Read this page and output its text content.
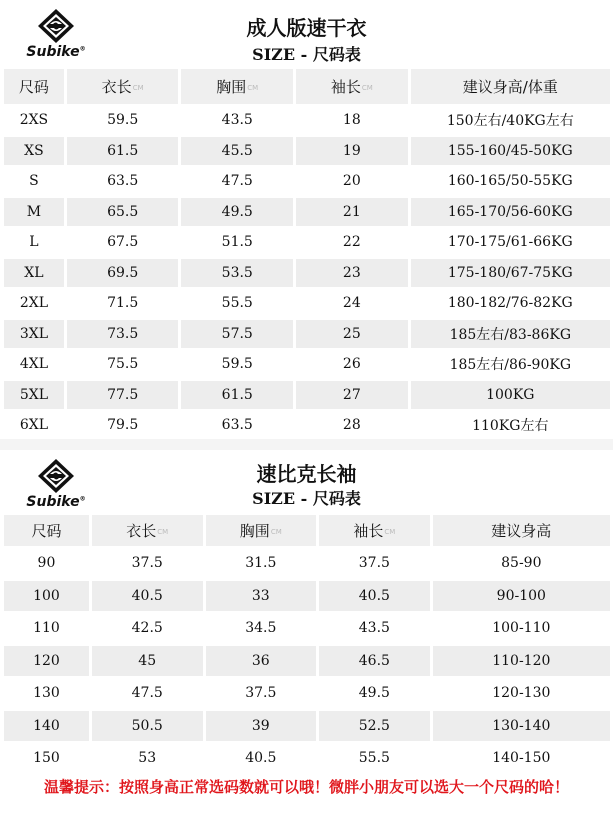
Subike®
成人版速干衣
SIZE - 尺码表
尺码	衣长CM	胸围CM	袖长CM	建议身高/体重
2XS	59.5	43.5	18	150左右/40KG左右
XS	61.5	45.5	19	155-160/45-50KG
S	63.5	47.5	20	160-165/50-55KG
M	65.5	49.5	21	165-170/56-60KG
L	67.5	51.5	22	170-175/61-66KG
XL	69.5	53.5	23	175-180/67-75KG
2XL	71.5	55.5	24	180-182/76-82KG
3XL	73.5	57.5	25	185左右/83-86KG
4XL	75.5	59.5	26	185左右/86-90KG
5XL	77.5	61.5	27	100KG
6XL	79.5	63.5	28	110KG左右
Subike®
速比克长袖
SIZE - 尺码表
尺码	衣长CM	胸围CM	袖长CM	建议身高
90	37.5	31.5	37.5	85-90
100	40.5	33	40.5	90-100
110	42.5	34.5	43.5	100-110
120	45	36	46.5	110-120
130	47.5	37.5	49.5	120-130
140	50.5	39	52.5	130-140
150	53	40.5	55.5	140-150
温馨提示：按照身高正常选码数就可以哦！微胖小朋友可以选大一个尺码的哈！
